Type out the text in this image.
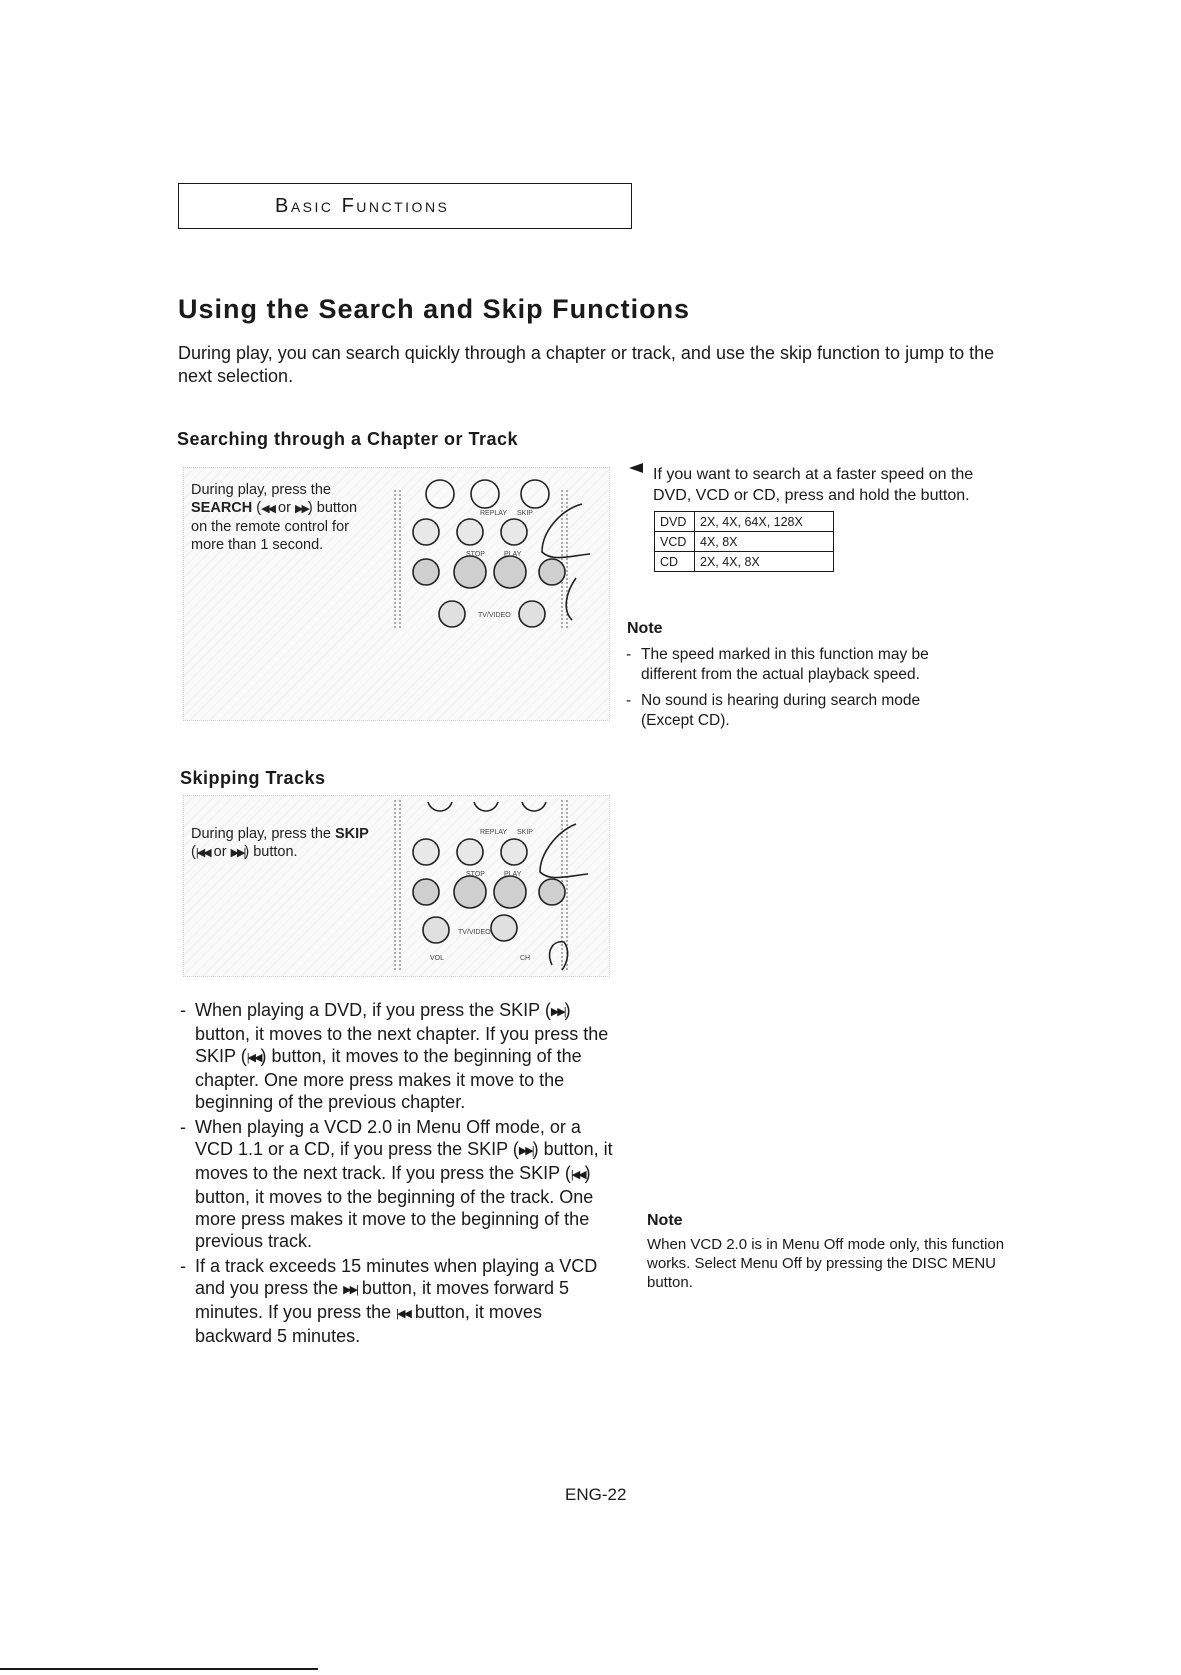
Basic Functions
Using the Search and Skip Functions
During play, you can search quickly through a chapter or track, and use the skip function to jump to the next selection.
Searching through a Chapter or Track
During play, press the
SEARCH (◀◀ or ▶▶) button
on the remote control for
more than 1 second.
REPLAY SKIP
STOP	PLAY
TV/VIDEO
If you want to search at a faster speed on the DVD, VCD or CD, press and hold the button.
DVD	2X, 4X, 64X, 128X
VCD	4X, 8X
CD	2X, 4X, 8X
Note
- The speed marked in this function may be different from the actual playback speed.
- No sound is hearing during search mode (Except CD).
Skipping Tracks
During play, press the SKIP
(|◀◀ or ▶▶|) button.
REPLAY SKIP
STOP	PLAY
TV/VIDEO
VOL	CH
- When playing a DVD, if you press the SKIP (▶▶|) button, it moves to the next chapter. If you press the SKIP (|◀◀) button, it moves to the beginning of the chapter. One more press makes it move to the beginning of the previous chapter.
- When playing a VCD 2.0 in Menu Off mode, or a VCD 1.1 or a CD, if you press the SKIP (▶▶|) button, it moves to the next track. If you press the SKIP (|◀◀) button, it moves to the beginning of the track. One more press makes it move to the beginning of the previous track.
- If a track exceeds 15 minutes when playing a VCD and you press the ▶▶| button, it moves forward 5 minutes. If you press the |◀◀ button, it moves backward 5 minutes.
Note
When VCD 2.0 is in Menu Off mode only, this function works. Select Menu Off by pressing the DISC MENU button.
ENG-22
